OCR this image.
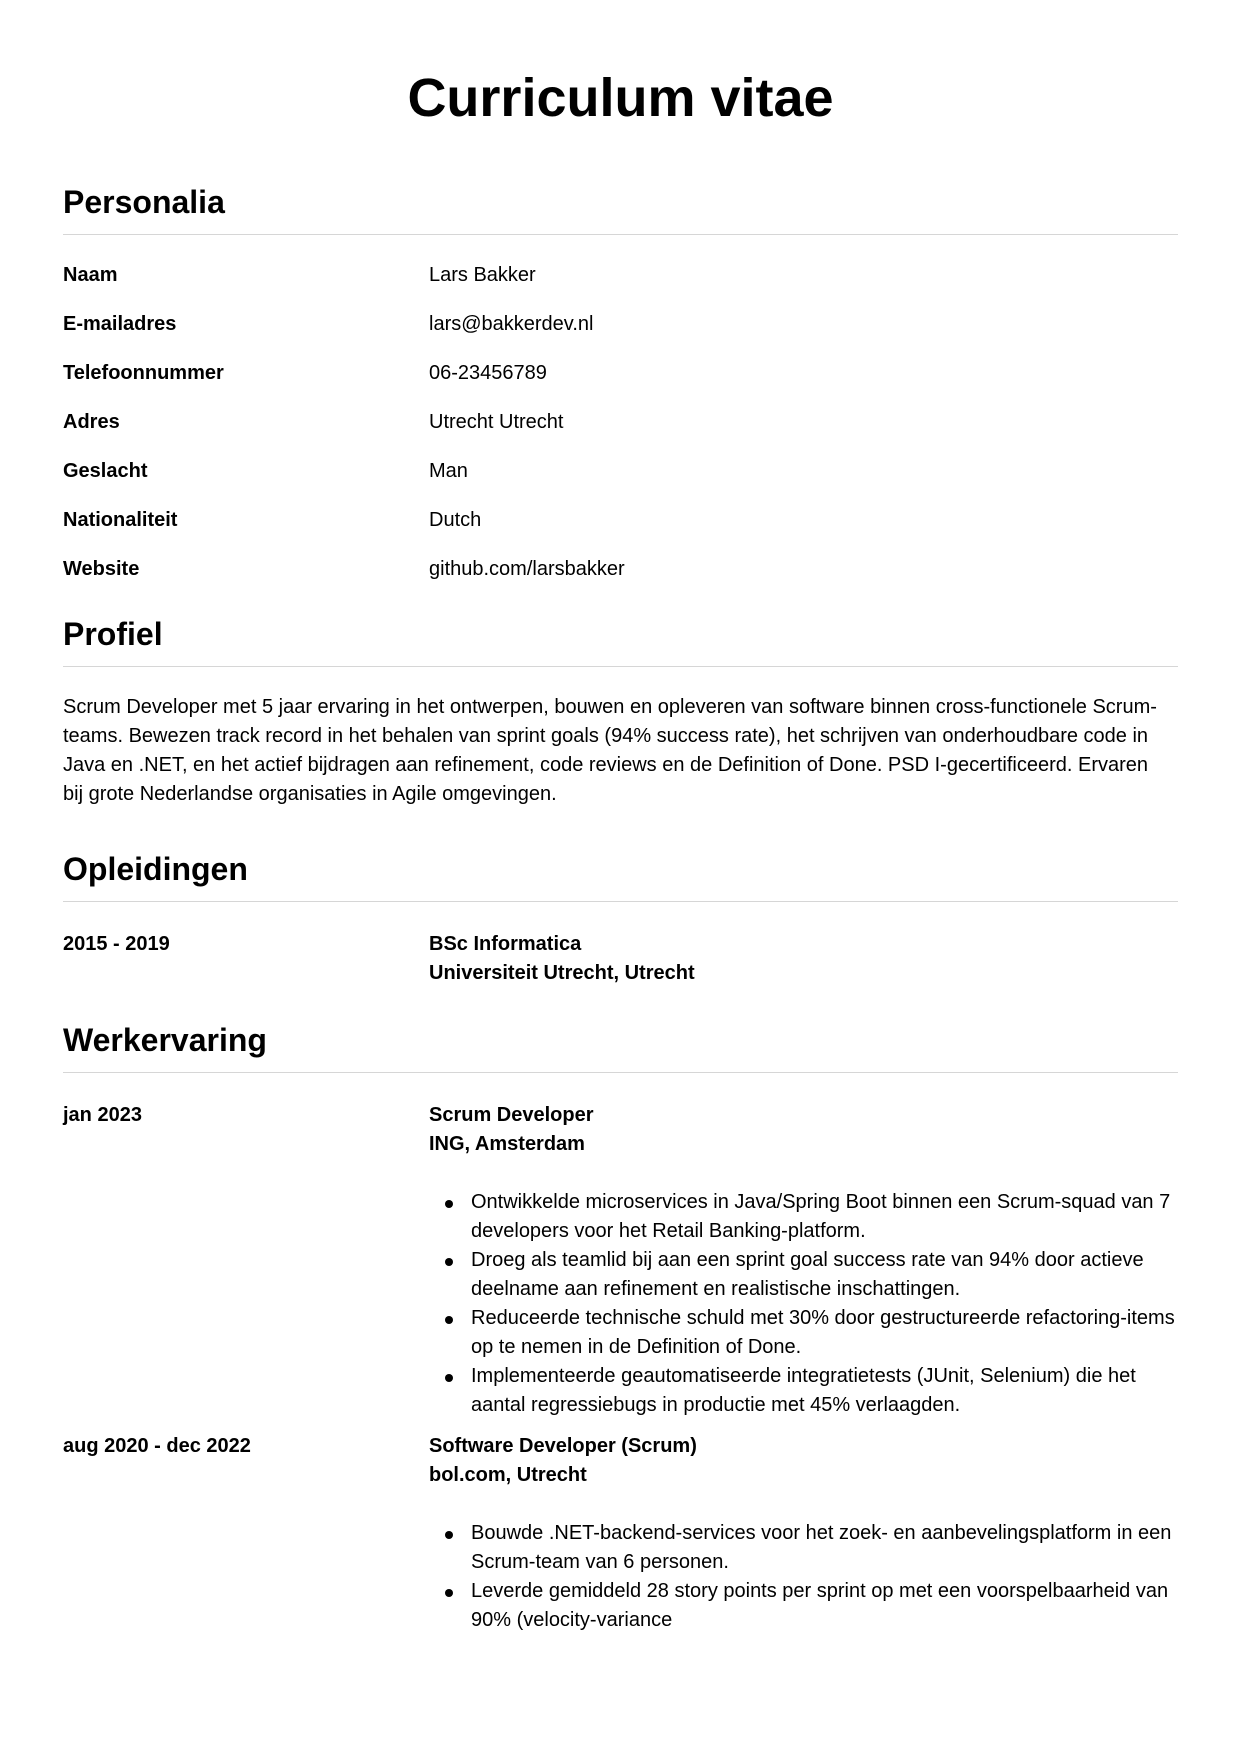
Curriculum vitae
Personalia
Naam	Lars Bakker
E-mailadres	lars@bakkerdev.nl
Telefoonnummer	06-23456789
Adres	Utrecht Utrecht
Geslacht	Man
Nationaliteit	Dutch
Website	github.com/larsbakker
Profiel

Scrum Developer met 5 jaar ervaring in het ontwerpen, bouwen en opleveren van software binnen cross-functionele Scrum-teams. Bewezen track record in het behalen van sprint goals (94% success rate), het schrijven van onderhoudbare code in Java en .NET, en het actief bijdragen aan refinement, code reviews en de Definition of Done. PSD I-gecertificeerd. Ervaren bij grote Nederlandse organisaties in Agile omgevingen.

Opleidingen
2015 - 2019	BSc Informatica
Universiteit Utrecht, Utrecht
Werkervaring
jan 2023	Scrum Developer
ING, Amsterdam
Ontwikkelde microservices in Java/Spring Boot binnen een Scrum-squad van 7 developers voor het Retail Banking-platform.
Droeg als teamlid bij aan een sprint goal success rate van 94% door actieve deelname aan refinement en realistische inschattingen.
Reduceerde technische schuld met 30% door gestructureerde refactoring-items op te nemen in de Definition of Done.
Implementeerde geautomatiseerde integratietests (JUnit, Selenium) die het aantal regressiebugs in productie met 45% verlaagden.
aug 2020 - dec 2022	Software Developer (Scrum)
bol.com, Utrecht
Bouwde .NET-backend-services voor het zoek- en aanbevelingsplatform in een Scrum-team van 6 personen.
Leverde gemiddeld 28 story points per sprint op met een voorspelbaarheid van 90% (velocity-variance
